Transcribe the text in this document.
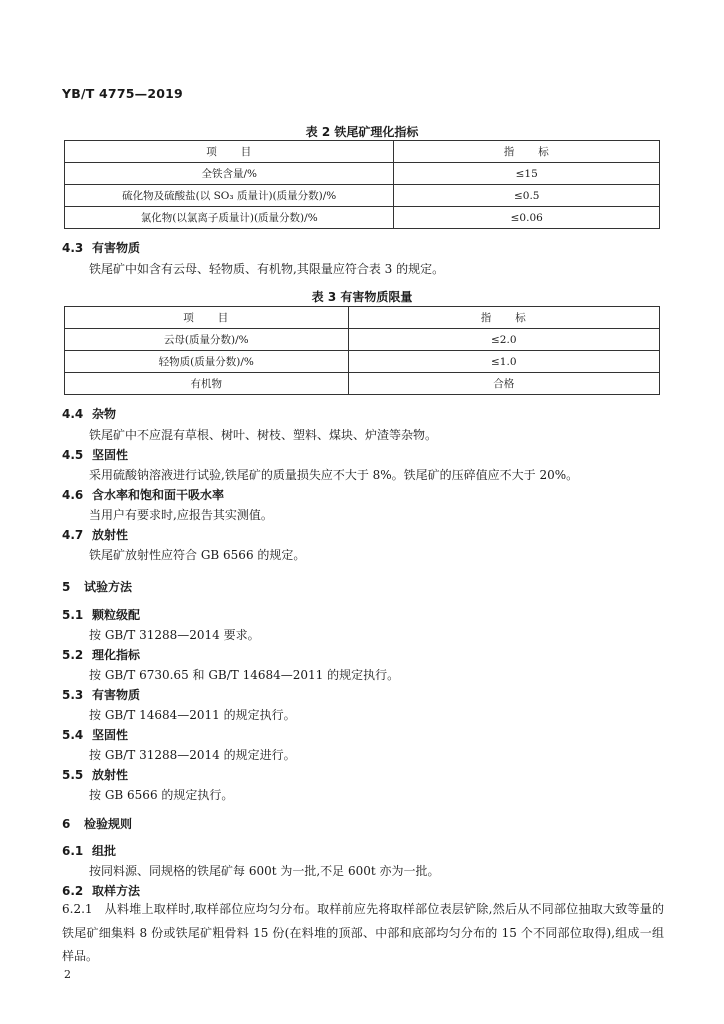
YB/T 4775—2019
表 2 铁尾矿理化指标
项　　目	指　　标
全铁含量/%	≤15
硫化物及硫酸盐(以 SO₃ 质量计)(质量分数)/%	≤0.5
氯化物(以氯离子质量计)(质量分数)/%	≤0.06
4.3 有害物质
铁尾矿中如含有云母、轻物质、有机物,其限量应符合表 3 的规定。
表 3 有害物质限量
项　　目	指　　标
云母(质量分数)/%	≤2.0
轻物质(质量分数)/%	≤1.0
有机物	合格
4.4 杂物
铁尾矿中不应混有草根、树叶、树枝、塑料、煤块、炉渣等杂物。
4.5 坚固性
采用硫酸钠溶液进行试验,铁尾矿的质量损失应不大于 8%。铁尾矿的压碎值应不大于 20%。
4.6 含水率和饱和面干吸水率
当用户有要求时,应报告其实测值。
4.7 放射性
铁尾矿放射性应符合 GB 6566 的规定。
5 试验方法
5.1 颗粒级配
按 GB/T 31288—2014 要求。
5.2 理化指标
按 GB/T 6730.65 和 GB/T 14684—2011 的规定执行。
5.3 有害物质
按 GB/T 14684—2011 的规定执行。
5.4 坚固性
按 GB/T 31288—2014 的规定进行。
5.5 放射性
按 GB 6566 的规定执行。
6 检验规则
6.1 组批
按同料源、同规格的铁尾矿每 600t 为一批,不足 600t 亦为一批。
6.2 取样方法
6.2.1 从料堆上取样时,取样部位应均匀分布。取样前应先将取样部位表层铲除,然后从不同部位抽取大致等量的铁尾矿细集料 8 份或铁尾矿粗骨料 15 份(在料堆的顶部、中部和底部均匀分布的 15 个不同部位取得),组成一组样品。
2
